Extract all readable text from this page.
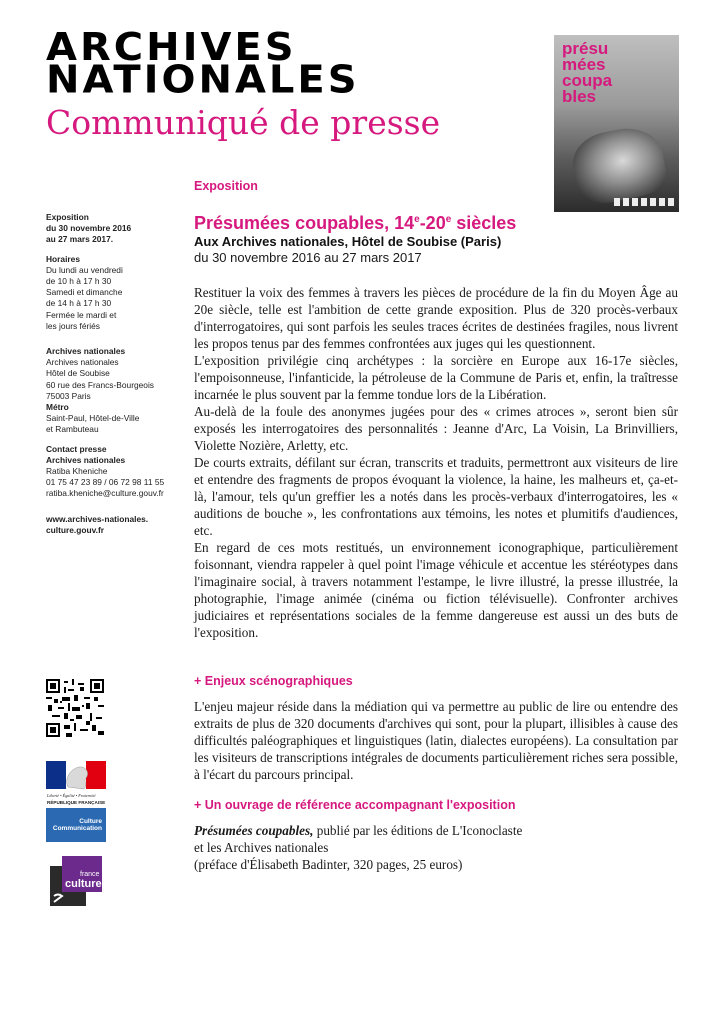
ARCHIVES
NATIONALES
Communiqué de presse
présu
mées
coupa
bles
Exposition
du 30 novembre 2016
au 27 mars 2017.
Horaires
Du lundi au vendredi
de 10 h à 17 h 30
Samedi et dimanche
de 14 h à 17 h 30
Fermée le mardi et
les jours fériés
Archives nationales
Archives nationales
Hôtel de Soubise
60 rue des Francs-Bourgeois
75003 Paris
Métro
Saint-Paul, Hôtel-de-Ville
et Rambuteau
Contact presse
Archives nationales
Ratiba Kheniche
01 75 47 23 89 / 06 72 98 11 55
ratiba.kheniche@culture.gouv.fr
www.archives-nationales.
culture.gouv.fr
Exposition
Présumées coupables, 14e-20e siècles
Aux Archives nationales, Hôtel de Soubise (Paris)
du 30 novembre 2016 au 27 mars 2017

Restituer la voix des femmes à travers les pièces de procédure de la fin du Moyen Âge au 20e siècle, telle est l'ambition de cette grande exposition. Plus de 320 procès-verbaux d'interrogatoires, qui sont parfois les seules traces écrites de destinées fragiles, nous livrent les propos tenus par des femmes confrontées aux juges qui les questionnent.

L'exposition privilégie cinq archétypes : la sorcière en Europe aux 16-17e siècles, l'empoisonneuse, l'infanticide, la pétroleuse de la Commune de Paris et, enfin, la traîtresse incarnée le plus souvent par la femme tondue lors de la Libération.

Au-delà de la foule des anonymes jugées pour des « crimes atroces », seront bien sûr exposés les interrogatoires des personnalités : Jeanne d'Arc, La Voisin, La Brinvilliers, Violette Nozière, Arletty, etc.

De courts extraits, défilant sur écran, transcrits et traduits, permettront aux visiteurs de lire et entendre des fragments de propos évoquant la violence, la haine, les malheurs et, ça-et-là, l'amour, tels qu'un greffier les a notés dans les procès-verbaux d'interrogatoires, les « auditions de bouche », les confrontations aux témoins, les notes et plumitifs d'audiences, etc.

En regard de ces mots restitués, un environnement iconographique, particulièrement foisonnant, viendra rappeler à quel point l'image véhicule et accentue les stéréotypes dans l'imaginaire social, à travers notamment l'estampe, le livre illustré, la presse illustrée, la photographie, l'image animée (cinéma ou fiction télévisuelle). Confronter archives judiciaires et représentations sociales de la femme dangereuse est aussi un des buts de l'exposition.

+ Enjeux scénographiques

L'enjeu majeur réside dans la médiation qui va permettre au public de lire ou entendre des extraits de plus de 320 documents d'archives qui sont, pour la plupart, illisibles à cause des difficultés paléographiques et linguistiques (latin, dialectes européens). La consultation par les visiteurs de transcriptions intégrales de documents particulièrement riches sera possible, à l'écart du parcours principal.

+ Un ouvrage de référence accompagnant l'exposition
Présumées coupables, publié par les éditions de L'Iconoclaste
et les Archives nationales
(préface d'Élisabeth Badinter, 320 pages, 25 euros)
Liberté • Égalité • Fraternité
RÉPUBLIQUE FRANÇAISE
Culture
Communication
france
culture
